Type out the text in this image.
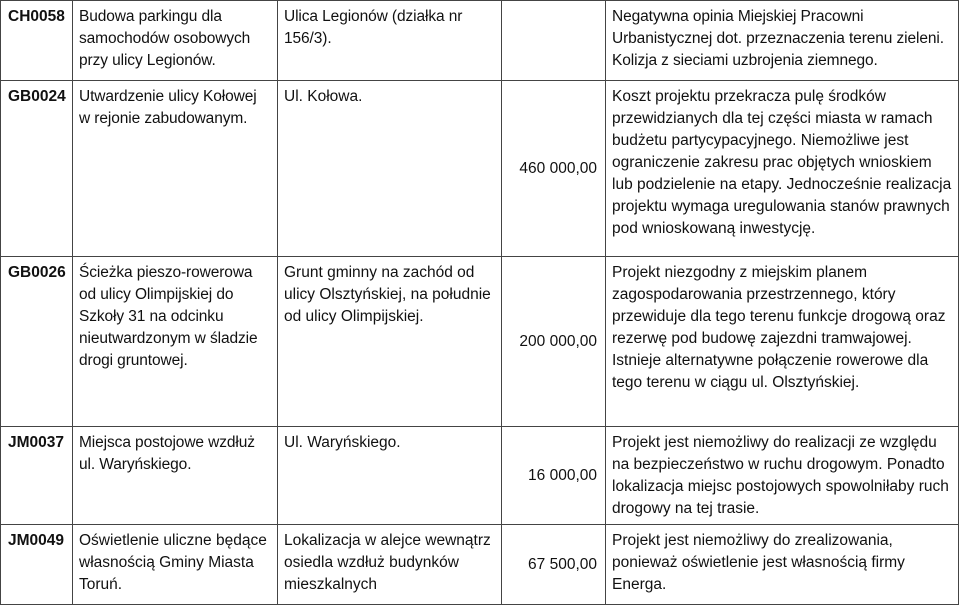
CH0058	Budowa parkingu dla samochodów osobowych przy ulicy Legionów.	Ulica Legionów (działka nr 156/3).		Negatywna opinia Miejskiej Pracowni Urbanistycznej dot. przeznaczenia terenu zieleni. Kolizja z sieciami uzbrojenia ziemnego.
GB0024	Utwardzenie ulicy Kołowej w rejonie zabudowanym.	Ul. Kołowa.	460 000,00	Koszt projektu przekracza pulę środków przewidzianych dla tej części miasta w ramach budżetu partycypacyjnego. Niemożliwe jest ograniczenie zakresu prac objętych wnioskiem lub podzielenie na etapy. Jednocześnie realizacja projektu wymaga uregulowania stanów prawnych pod wnioskowaną inwestycję.
GB0026	Ścieżka pieszo-rowerowa od ulicy Olimpijskiej do Szkoły 31 na odcinku nieutwardzonym w śladzie drogi gruntowej.	Grunt gminny na zachód od ulicy Olsztyńskiej, na południe od ulicy Olimpijskiej.	200 000,00	Projekt niezgodny z miejskim planem zagospodarowania przestrzennego, który przewiduje dla tego terenu funkcje drogową oraz rezerwę pod budowę zajezdni tramwajowej. Istnieje alternatywne połączenie rowerowe dla tego terenu w ciągu ul. Olsztyńskiej.
JM0037	Miejsca postojowe wzdłuż ul. Waryńskiego.	Ul. Waryńskiego.	16 000,00	Projekt jest niemożliwy do realizacji ze względu na bezpieczeństwo w ruchu drogowym. Ponadto lokalizacja miejsc postojowych spowolniłaby ruch drogowy na tej trasie.
JM0049	Oświetlenie uliczne będące własnością Gminy Miasta Toruń.	Lokalizacja w alejce wewnątrz osiedla wzdłuż budynków mieszkalnych	67 500,00	Projekt jest niemożliwy do zrealizowania, ponieważ oświetlenie jest własnością firmy Energa.
